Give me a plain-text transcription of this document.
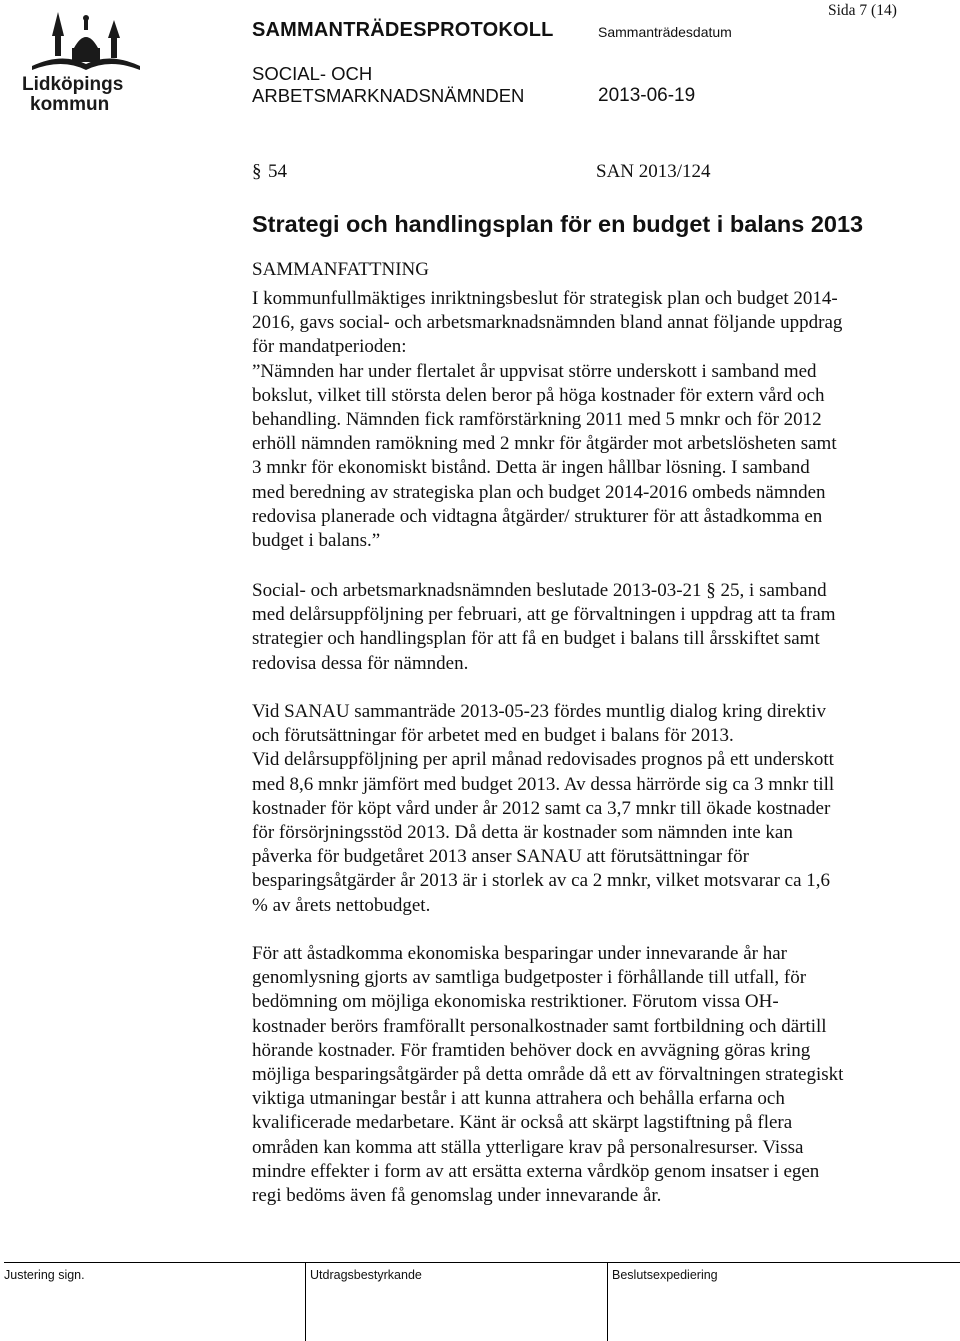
Lidköpings
kommun
Sida 7 (14)
SAMMANTRÄDESPROTOKOLL	Sammanträdesdatum
SOCIAL- OCH
ARBETSMARKNADSNÄMNDEN	2013-06-19
§ 54	SAN 2013/124
Strategi och handlingsplan för en budget i balans 2013
SAMMANFATTNING
I kommunfullmäktiges inriktningsbeslut för strategisk plan och budget 2014-
2016, gavs social- och arbetsmarknadsnämnden bland annat följande uppdrag
för mandatperioden:
”Nämnden har under flertalet år uppvisat större underskott i samband med
bokslut, vilket till största delen beror på höga kostnader för extern vård och
behandling. Nämnden fick ramförstärkning 2011 med 5 mnkr och för 2012
erhöll nämnden ramökning med 2 mnkr för åtgärder mot arbetslösheten samt
3 mnkr för ekonomiskt bistånd. Detta är ingen hållbar lösning. I samband
med beredning av strategiska plan och budget 2014-2016 ombeds nämnden
redovisa planerade och vidtagna åtgärder/ strukturer för att åstadkomma en
budget i balans.”
Social- och arbetsmarknadsnämnden beslutade 2013-03-21 § 25, i samband
med delårsuppföljning per februari, att ge förvaltningen i uppdrag att ta fram
strategier och handlingsplan för att få en budget i balans till årsskiftet samt
redovisa dessa för nämnden.
Vid SANAU sammanträde 2013-05-23 fördes muntlig dialog kring direktiv
och förutsättningar för arbetet med en budget i balans för 2013.
Vid delårsuppföljning per april månad redovisades prognos på ett underskott
med 8,6 mnkr jämfört med budget 2013. Av dessa härrörde sig ca 3 mnkr till
kostnader för köpt vård under år 2012 samt ca 3,7 mnkr till ökade kostnader
för försörjningsstöd 2013. Då detta är kostnader som nämnden inte kan
påverka för budgetåret 2013 anser SANAU att förutsättningar för
besparingsåtgärder år 2013 är i storlek av ca 2 mnkr, vilket motsvarar ca 1,6
% av årets nettobudget.
För att åstadkomma ekonomiska besparingar under innevarande år har
genomlysning gjorts av samtliga budgetposter i förhållande till utfall, för
bedömning om möjliga ekonomiska restriktioner. Förutom vissa OH-
kostnader berörs framförallt personalkostnader samt fortbildning och därtill
hörande kostnader. För framtiden behöver dock en avvägning göras kring
möjliga besparingsåtgärder på detta område då ett av förvaltningen strategiskt
viktiga utmaningar består i att kunna attrahera och behålla erfarna och
kvalificerade medarbetare. Känt är också att skärpt lagstiftning på flera
områden kan komma att ställa ytterligare krav på personalresurser. Vissa
mindre effekter i form av att ersätta externa vårdköp genom insatser i egen
regi bedöms även få genomslag under innevarande år.
Justering sign.	Utdragsbestyrkande	Beslutsexpediering
